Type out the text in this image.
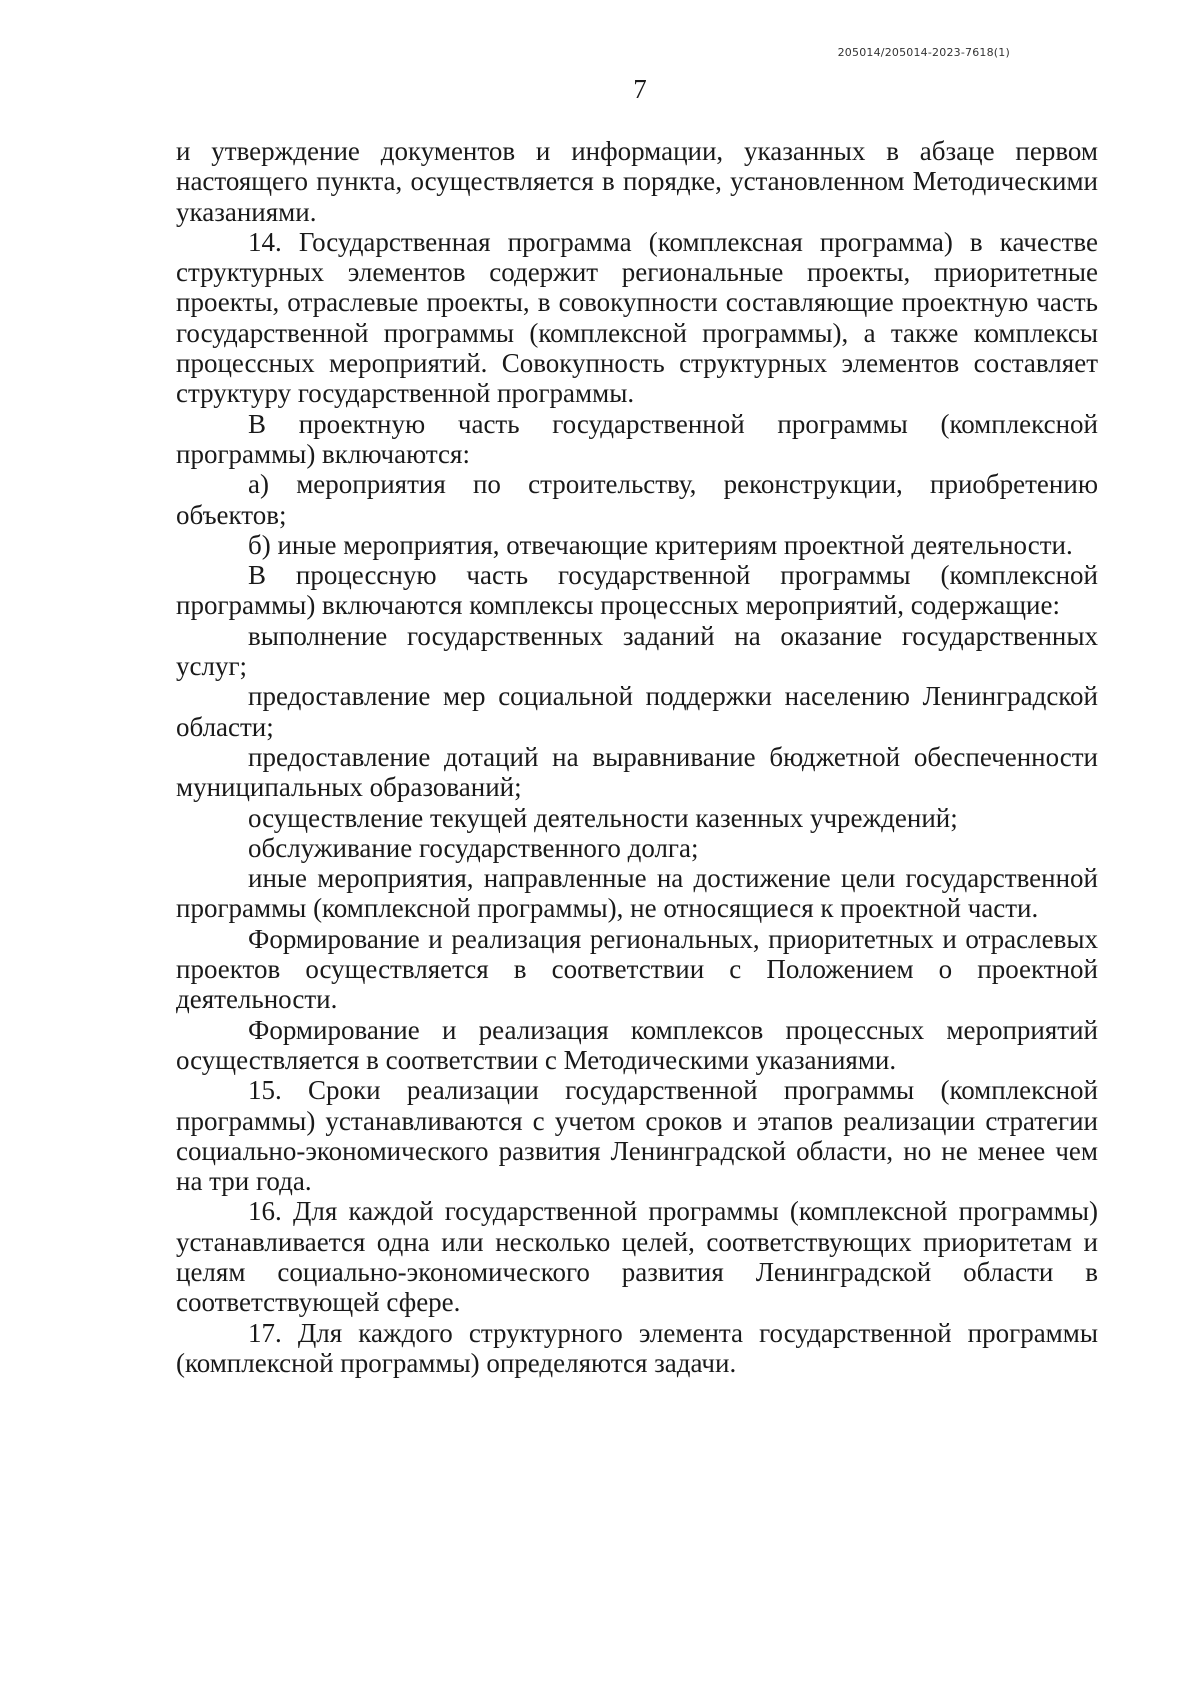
205014/205014-2023-7618(1)
7

и утверждение документов и информации, указанных в абзаце первом настоящего пункта, осуществляется в порядке, установленном Методическими указаниями.

14. Государственная программа (комплексная программа) в качестве структурных элементов содержит региональные проекты, приоритетные проекты, отраслевые проекты, в совокупности составляющие проектную часть государственной программы (комплексной программы), а также комплексы процессных мероприятий. Совокупность структурных элементов составляет структуру государственной программы.

В проектную часть государственной программы (комплексной программы) включаются:

а) мероприятия по строительству, реконструкции, приобретению объектов;

б) иные мероприятия, отвечающие критериям проектной деятельности.

В процессную часть государственной программы (комплексной программы) включаются комплексы процессных мероприятий, содержащие:

выполнение государственных заданий на оказание государственных услуг;

предоставление мер социальной поддержки населению Ленинградской области;

предоставление дотаций на выравнивание бюджетной обеспеченности муниципальных образований;

осуществление текущей деятельности казенных учреждений;

обслуживание государственного долга;

иные мероприятия, направленные на достижение цели государственной программы (комплексной программы), не относящиеся к проектной части.

Формирование и реализация региональных, приоритетных и отраслевых проектов осуществляется в соответствии с Положением о проектной деятельности.

Формирование и реализация комплексов процессных мероприятий осуществляется в соответствии с Методическими указаниями.

15. Сроки реализации государственной программы (комплексной программы) устанавливаются с учетом сроков и этапов реализации стратегии социально-экономического развития Ленинградской области, но не менее чем на три года.

16. Для каждой государственной программы (комплексной программы) устанавливается одна или несколько целей, соответствующих приоритетам и целям социально-экономического развития Ленинградской области в соответствующей сфере.

17. Для каждого структурного элемента государственной программы (комплексной программы) определяются задачи.
